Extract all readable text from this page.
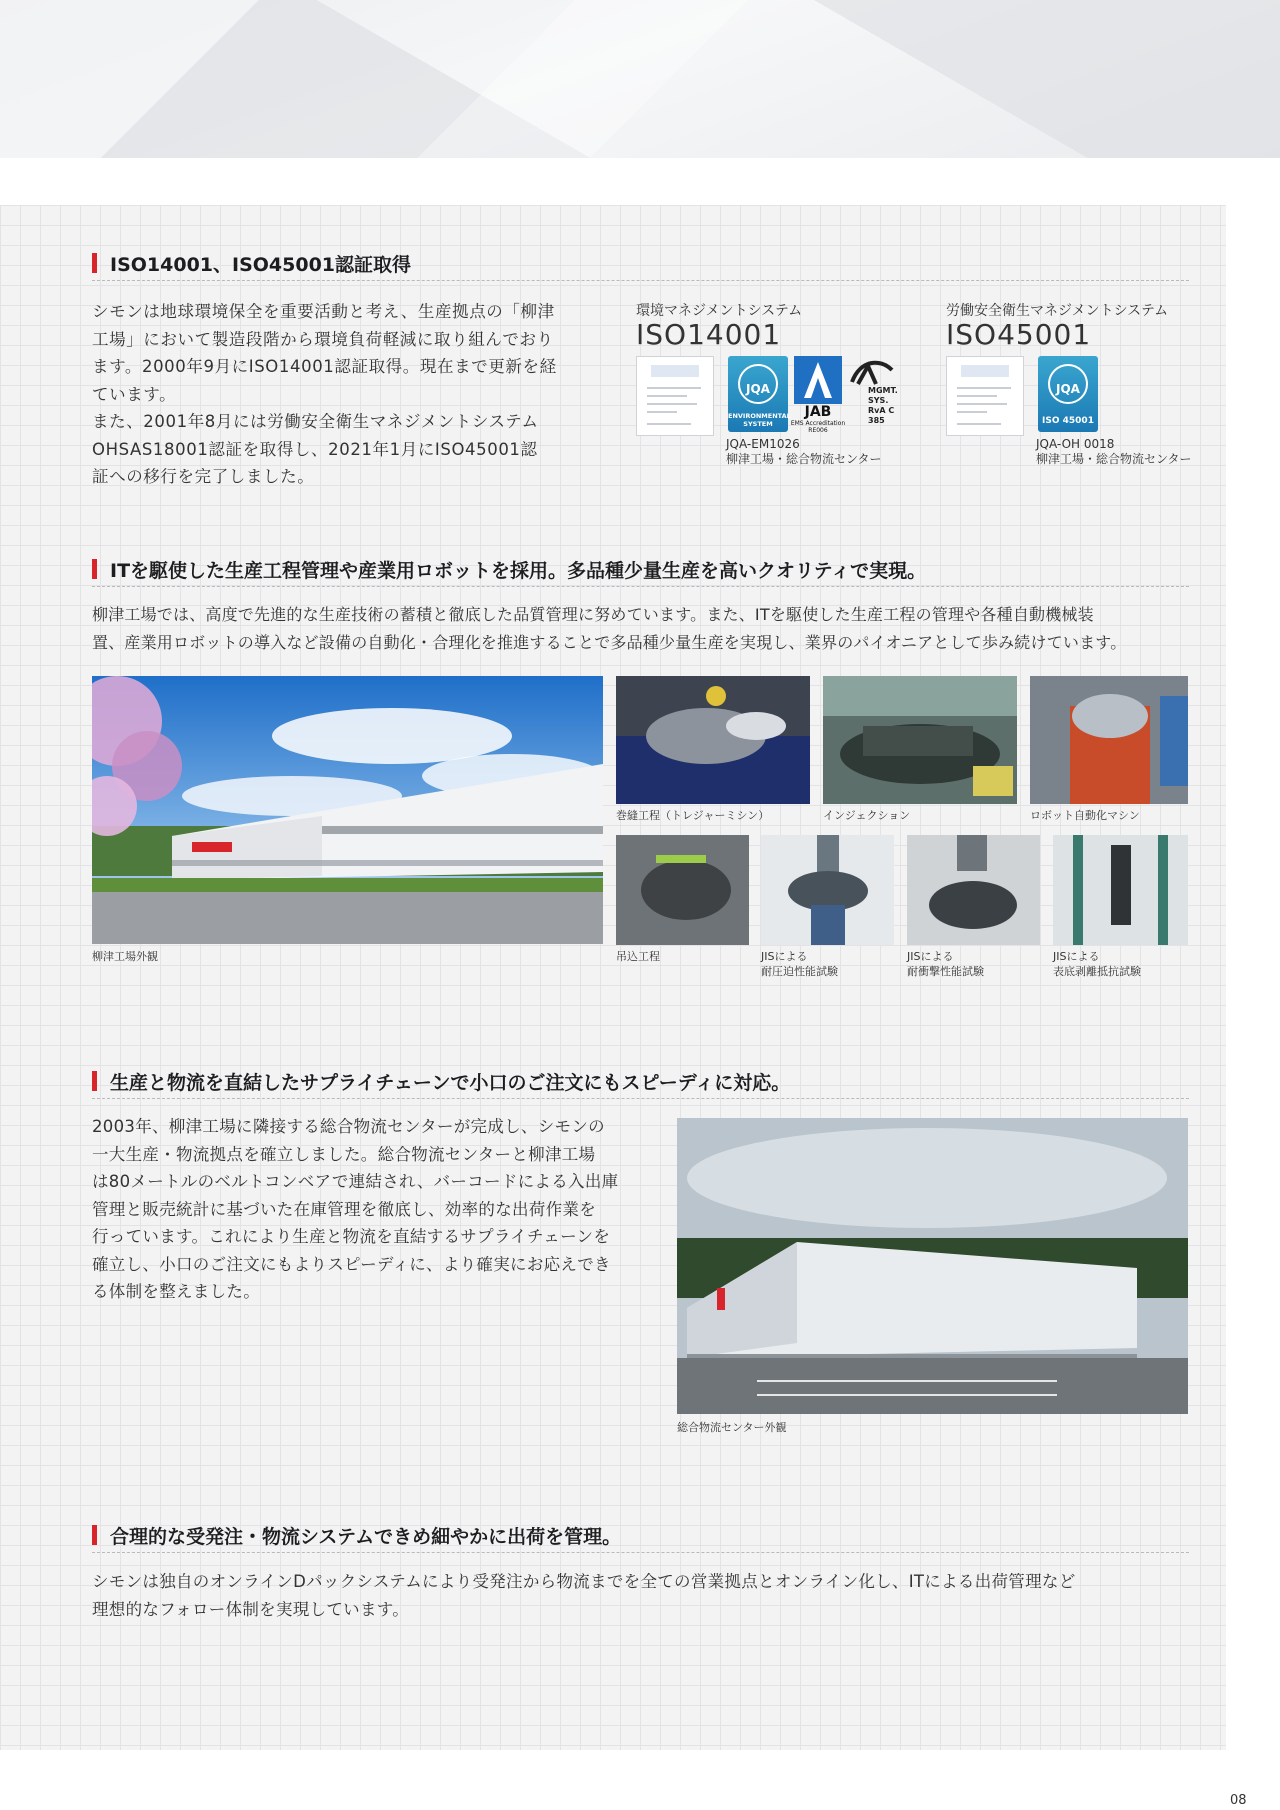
ISO14001、ISO45001認証取得
シモンは地球環境保全を重要活動と考え、生産拠点の「柳津
工場」において製造段階から環境負荷軽減に取り組んでおり
ます。2000年9月にISO14001認証取得。現在まで更新を経
ています。
また、2001年8月には労働安全衛生マネジメントシステム
OHSAS18001認証を取得し、2021年1月にISO45001認
証への移行を完了しました。
環境マネジメントシステム
ISO14001
JQA
ENVIRONMENTAL SYSTEM
JAB
EMS Accreditation
RE006
MGMT. SYS.
RvA C 385
JQA-EM1026
柳津工場・総合物流センター
労働安全衛生マネジメントシステム
ISO45001
JQA
ISO 45001
JQA-OH 0018
柳津工場・総合物流センター
ITを駆使した生産工程管理や産業用ロボットを採用。多品種少量生産を高いクオリティで実現。
柳津工場では、高度で先進的な生産技術の蓄積と徹底した品質管理に努めています。また、ITを駆使した生産工程の管理や各種自動機械装
置、産業用ロボットの導入など設備の自動化・合理化を推進することで多品種少量生産を実現し、業界のパイオニアとして歩み続けています。
柳津工場外観
巻縫工程（トレジャーミシン）	インジェクション	ロボット自動化マシン
吊込工程	JISによる
耐圧迫性能試験
JISによる
耐衝撃性能試験
JISによる
表底剥離抵抗試験
生産と物流を直結したサプライチェーンで小口のご注文にもスピーディに対応。
2003年、柳津工場に隣接する総合物流センターが完成し、シモンの
一大生産・物流拠点を確立しました。総合物流センターと柳津工場
は80メートルのベルトコンベアで連結され、バーコードによる入出庫
管理と販売統計に基づいた在庫管理を徹底し、効率的な出荷作業を
行っています。これにより生産と物流を直結するサプライチェーンを
確立し、小口のご注文にもよりスピーディに、より確実にお応えでき
る体制を整えました。
総合物流センター外観
合理的な受発注・物流システムできめ細やかに出荷を管理。
シモンは独自のオンラインDパックシステムにより受発注から物流までを全ての営業拠点とオンライン化し、ITによる出荷管理など
理想的なフォロー体制を実現しています。
08
